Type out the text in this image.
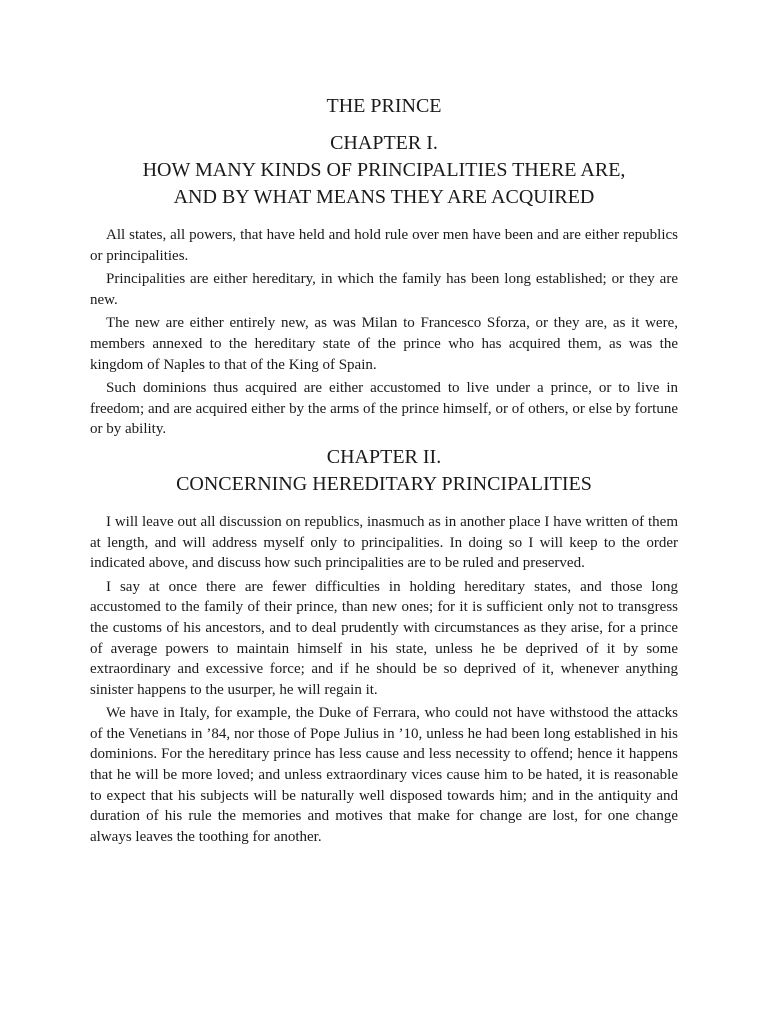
THE PRINCE
CHAPTER I.
HOW MANY KINDS OF PRINCIPALITIES THERE ARE,
AND BY WHAT MEANS THEY ARE ACQUIRED

All states, all powers, that have held and hold rule over men have been and are either republics or principalities.

Principalities are either hereditary, in which the family has been long established; or they are new.

The new are either entirely new, as was Milan to Francesco Sforza, or they are, as it were, members annexed to the hereditary state of the prince who has acquired them, as was the kingdom of Naples to that of the King of Spain.

Such dominions thus acquired are either accustomed to live under a prince, or to live in freedom; and are acquired either by the arms of the prince himself, or of others, or else by fortune or by ability.

CHAPTER II.
CONCERNING HEREDITARY PRINCIPALITIES

I will leave out all discussion on republics, inasmuch as in another place I have written of them at length, and will address myself only to principalities. In doing so I will keep to the order indicated above, and discuss how such principalities are to be ruled and preserved.

I say at once there are fewer difficulties in holding hereditary states, and those long accustomed to the family of their prince, than new ones; for it is sufficient only not to transgress the customs of his ancestors, and to deal prudently with circumstances as they arise, for a prince of average powers to maintain himself in his state, unless he be deprived of it by some extraordinary and excessive force; and if he should be so deprived of it, whenever anything sinister happens to the usurper, he will regain it.

We have in Italy, for example, the Duke of Ferrara, who could not have withstood the attacks of the Venetians in ’84, nor those of Pope Julius in ’10, unless he had been long established in his dominions. For the hereditary prince has less cause and less necessity to offend; hence it happens that he will be more loved; and unless extraordinary vices cause him to be hated, it is reasonable to expect that his subjects will be naturally well disposed towards him; and in the antiquity and duration of his rule the memories and motives that make for change are lost, for one change always leaves the toothing for another.
